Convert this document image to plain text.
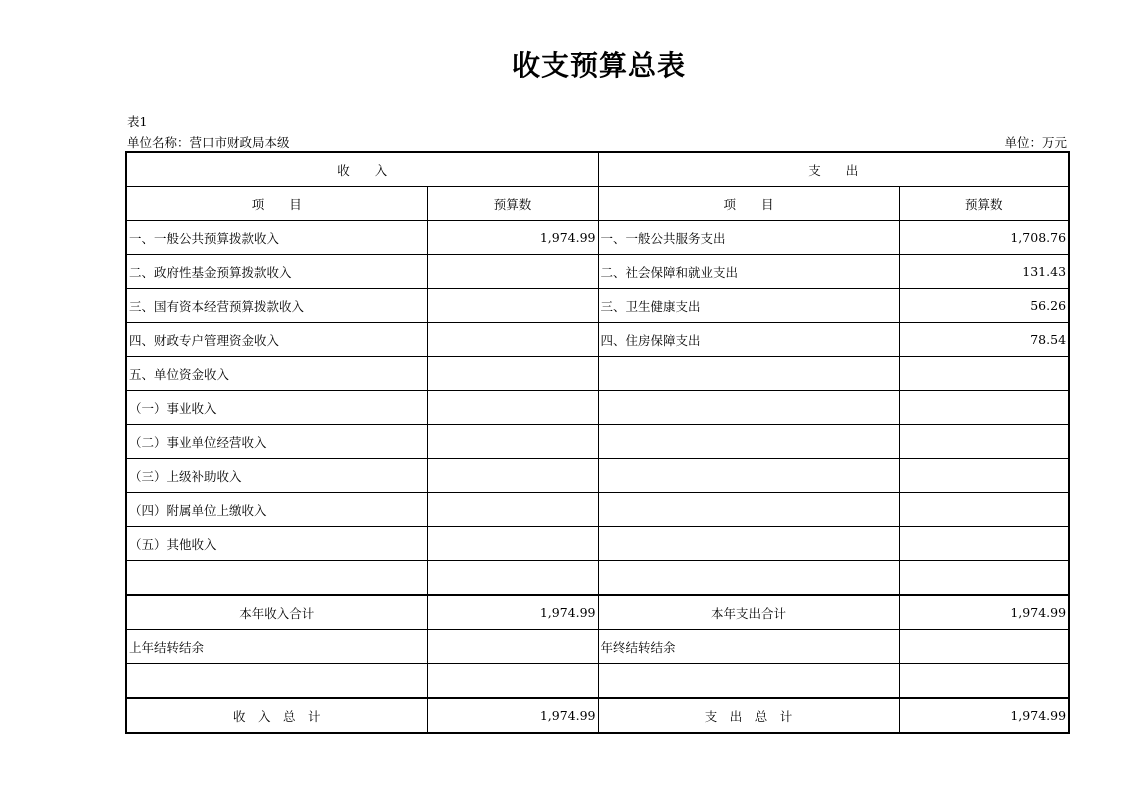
收支预算总表
表1
单位名称：营口市财政局本级	单位：万元
收　　入		支　　出	
项　　目	预算数	项　　目	预算数
一、一般公共预算拨款收入	1,974.99	一、一般公共服务支出	1,708.76
二、政府性基金预算拨款收入		二、社会保障和就业支出	131.43
三、国有资本经营预算拨款收入		三、卫生健康支出	56.26
四、财政专户管理资金收入		四、住房保障支出	78.54
五、单位资金收入			
（一）事业收入			
（二）事业单位经营收入			
（三）上级补助收入			
（四）附属单位上缴收入			
（五）其他收入			

本年收入合计	1,974.99	本年支出合计	1,974.99
上年结转结余		年终结转结余	

收　入　总　计	1,974.99	支　出　总　计	1,974.99
